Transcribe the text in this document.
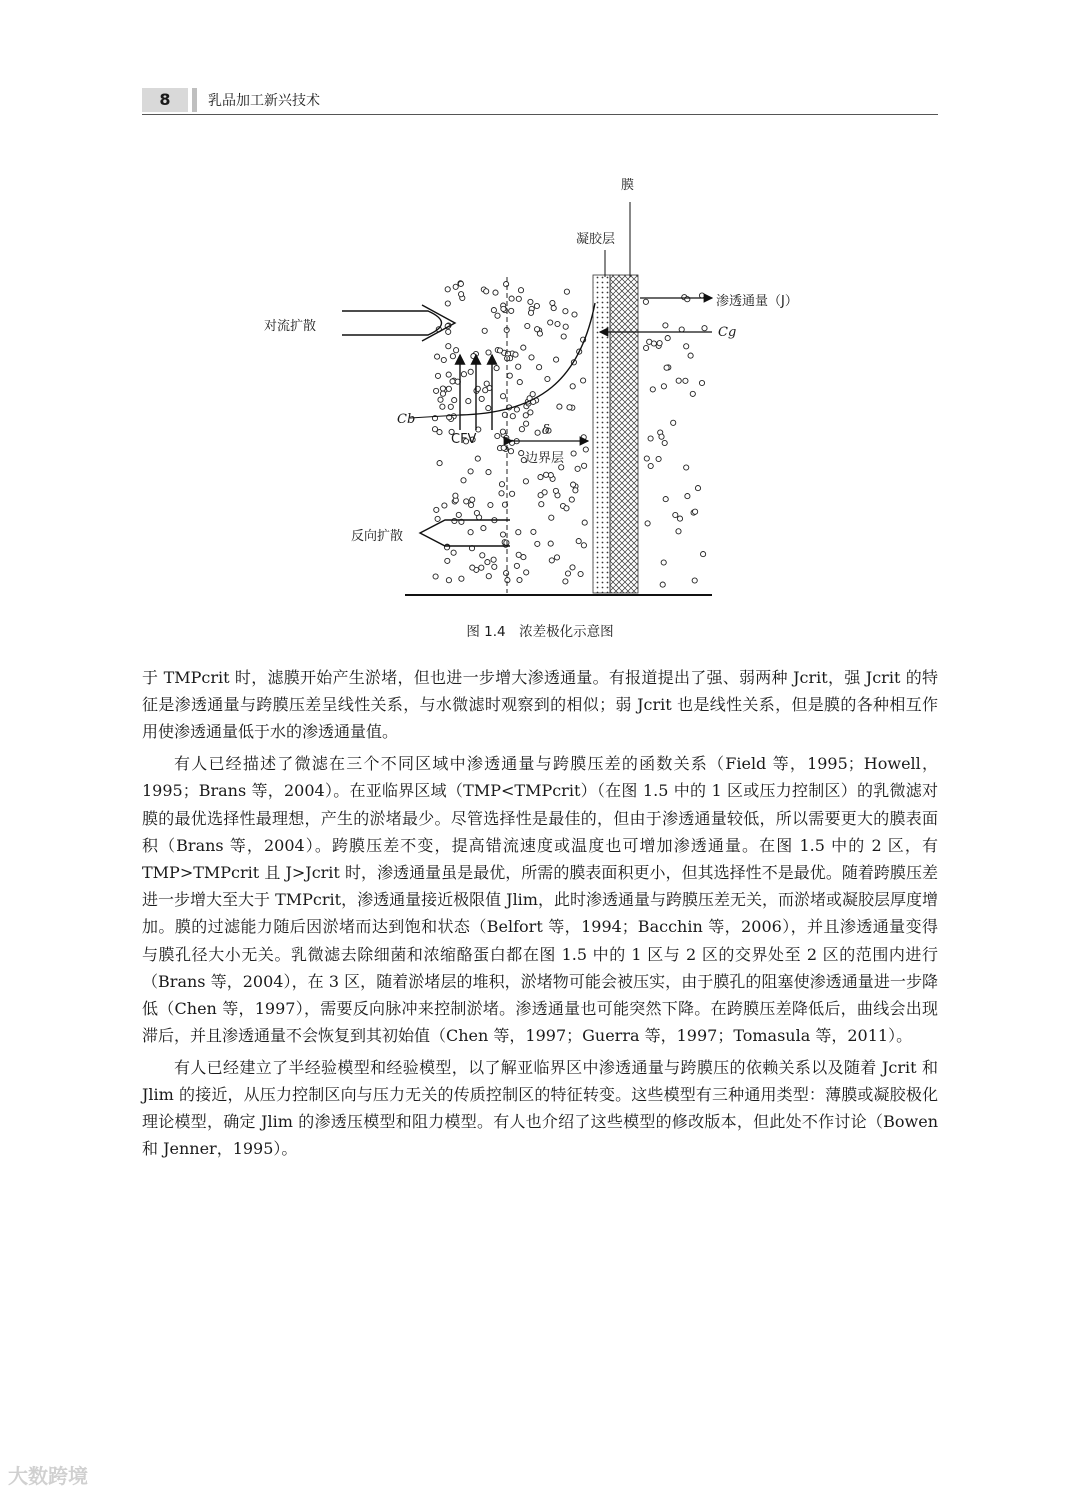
8	乳品加工新兴技术
膜
凝胶层
渗透通量（J）
对流扩散	Cg
Cb
CFV
δ
边界层
反向扩散
图 1.4　浓差极化示意图

于 TMPcrit 时，滤膜开始产生淤堵，但也进一步增大渗透通量。有报道提出了强、弱两种 Jcrit，强 Jcrit 的特征是渗透通量与跨膜压差呈线性关系，与水微滤时观察到的相似；弱 Jcrit 也是线性关系，但是膜的各种相互作用使渗透通量低于水的渗透通量值。

有人已经描述了微滤在三个不同区域中渗透通量与跨膜压差的函数关系（Field 等，1995；Howell，1995；Brans 等，2004）。在亚临界区域（TMP<TMPcrit）（在图 1.5 中的 1 区或压力控制区）的乳微滤对膜的最优选择性最理想，产生的淤堵最少。尽管选择性是最佳的，但由于渗透通量较低，所以需要更大的膜表面积（Brans 等，2004）。跨膜压差不变，提高错流速度或温度也可增加渗透通量。在图 1.5 中的 2 区，有 TMP>TMPcrit 且 J>Jcrit 时，渗透通量虽是最优，所需的膜表面积更小，但其选择性不是最优。随着跨膜压差进一步增大至大于 TMPcrit，渗透通量接近极限值 Jlim，此时渗透通量与跨膜压差无关，而淤堵或凝胶层厚度增加。膜的过滤能力随后因淤堵而达到饱和状态（Belfort 等，1994；Bacchin 等，2006），并且渗透通量变得与膜孔径大小无关。乳微滤去除细菌和浓缩酪蛋白都在图 1.5 中的 1 区与 2 区的交界处至 2 区的范围内进行（Brans 等，2004），在 3 区，随着淤堵层的堆积，淤堵物可能会被压实，由于膜孔的阻塞使渗透通量进一步降低（Chen 等，1997），需要反向脉冲来控制淤堵。渗透通量也可能突然下降。在跨膜压差降低后，曲线会出现滞后，并且渗透通量不会恢复到其初始值（Chen 等，1997；Guerra 等，1997；Tomasula 等，2011）。

有人已经建立了半经验模型和经验模型，以了解亚临界区中渗透通量与跨膜压的依赖关系以及随着 Jcrit 和 Jlim 的接近，从压力控制区向与压力无关的传质控制区的特征转变。这些模型有三种通用类型：薄膜或凝胶极化理论模型，确定 Jlim 的渗透压模型和阻力模型。有人也介绍了这些模型的修改版本，但此处不作讨论（Bowen 和 Jenner，1995）。

大数跨境
